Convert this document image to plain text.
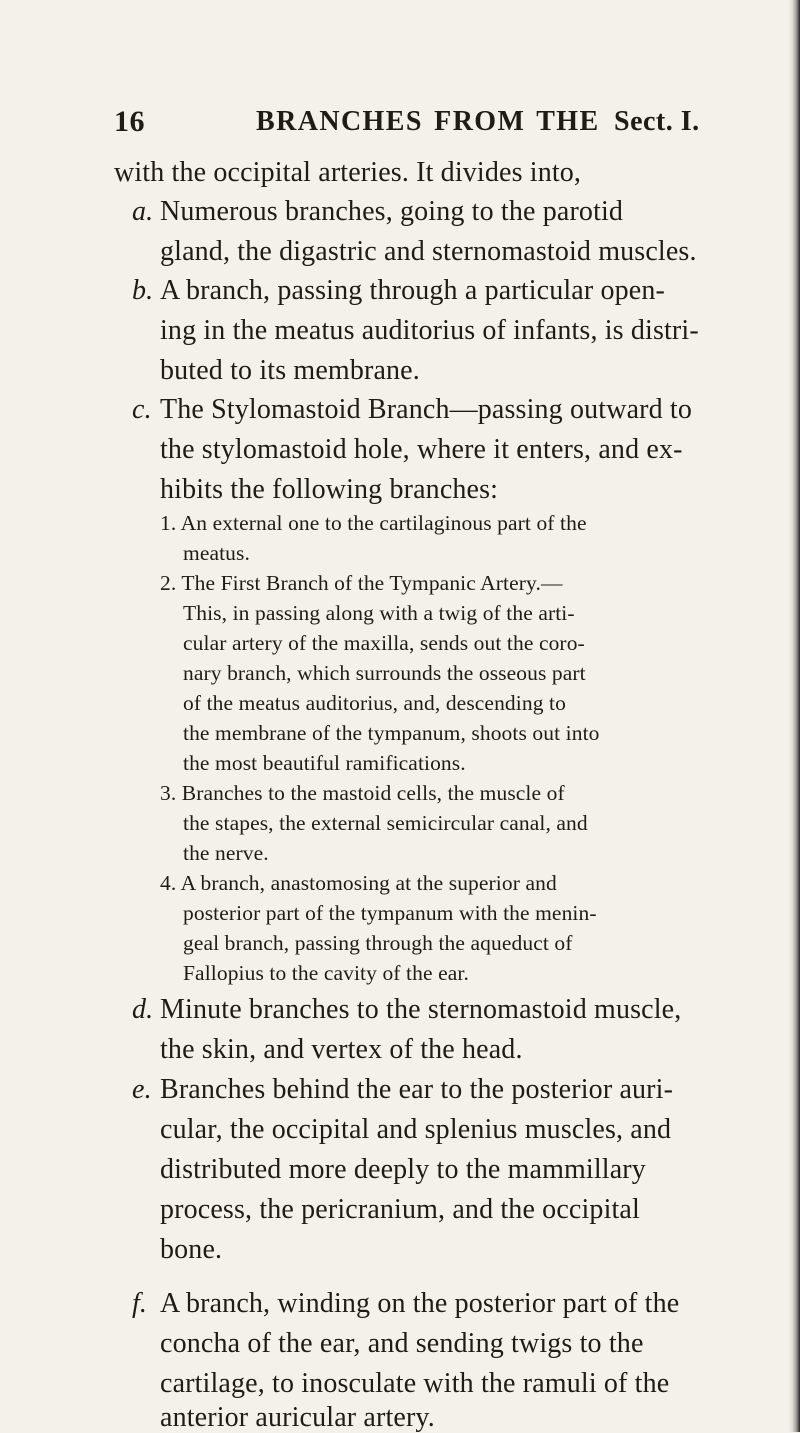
16	BRANCHES FROM THE Sect. I.
with the occipital arteries. It divides into,
a. Numerous branches, going to the parotid
gland, the digastric and sternomastoid muscles.
b. A branch, passing through a particular open-
ing in the meatus auditorius of infants, is distri-
buted to its membrane.
c. The Stylomastoid Branch—passing outward to
the stylomastoid hole, where it enters, and ex-
hibits the following branches:
1. An external one to the cartilaginous part of the
meatus.
2. The First Branch of the Tympanic Artery.—
This, in passing along with a twig of the arti-
cular artery of the maxilla, sends out the coro-
nary branch, which surrounds the osseous part
of the meatus auditorius, and, descending to
the membrane of the tympanum, shoots out into
the most beautiful ramifications.
3. Branches to the mastoid cells, the muscle of
the stapes, the external semicircular canal, and
the nerve.
4. A branch, anastomosing at the superior and
posterior part of the tympanum with the menin-
geal branch, passing through the aqueduct of
Fallopius to the cavity of the ear.
d. Minute branches to the sternomastoid muscle,
the skin, and vertex of the head.
e. Branches behind the ear to the posterior auri-
cular, the occipital and splenius muscles, and
distributed more deeply to the mammillary
process, the pericranium, and the occipital
bone.
f. A branch, winding on the posterior part of the
concha of the ear, and sending twigs to the
cartilage, to inosculate with the ramuli of the
anterior auricular artery.
